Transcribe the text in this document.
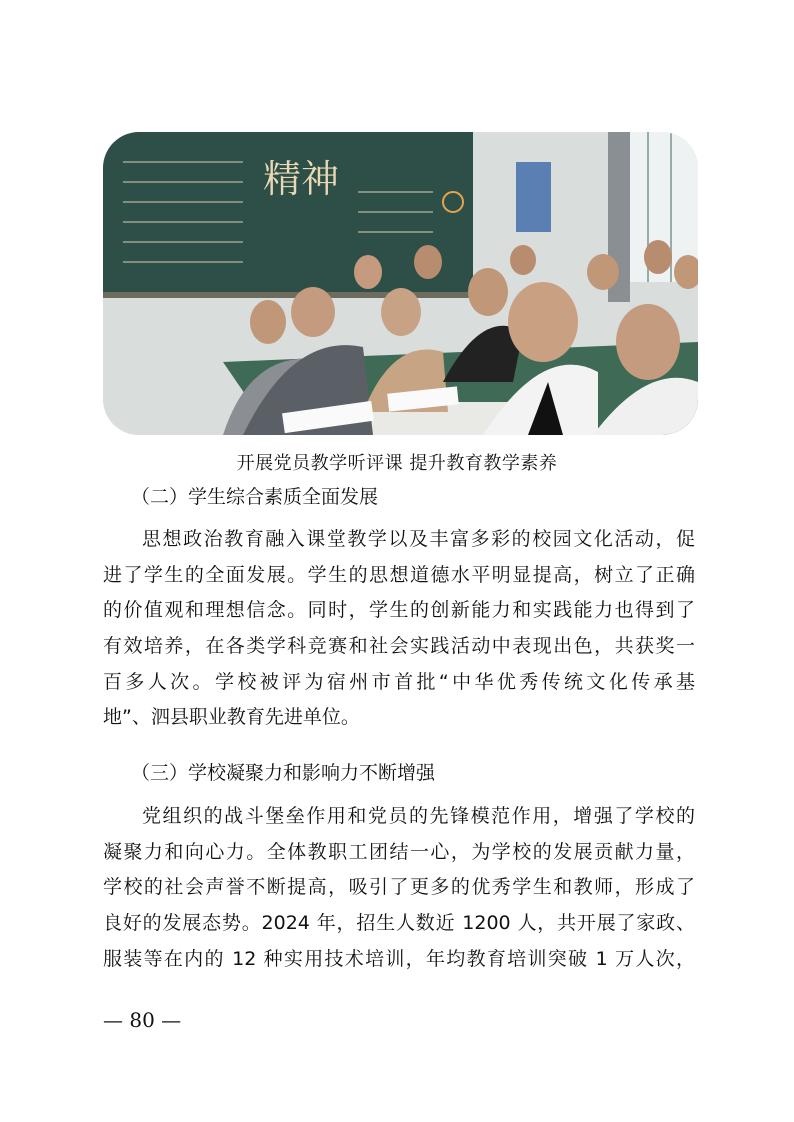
精神
开展党员教学听评课 提升教育教学素养
（二）学生综合素质全面发展
思想政治教育融入课堂教学以及丰富多彩的校园文化活动，促
进了学生的全面发展。学生的思想道德水平明显提高，树立了正确
的价值观和理想信念。同时，学生的创新能力和实践能力也得到了
有效培养，在各类学科竞赛和社会实践活动中表现出色，共获奖一
百多人次。学校被评为宿州市首批“中华优秀传统文化传承基
地”、泗县职业教育先进单位。
（三）学校凝聚力和影响力不断增强
党组织的战斗堡垒作用和党员的先锋模范作用，增强了学校的
凝聚力和向心力。全体教职工团结一心，为学校的发展贡献力量，
学校的社会声誉不断提高，吸引了更多的优秀学生和教师，形成了
良好的发展态势。2024 年，招生人数近 1200 人，共开展了家政、
服装等在内的 12 种实用技术培训，年均教育培训突破 1 万人次，
— 80 —
